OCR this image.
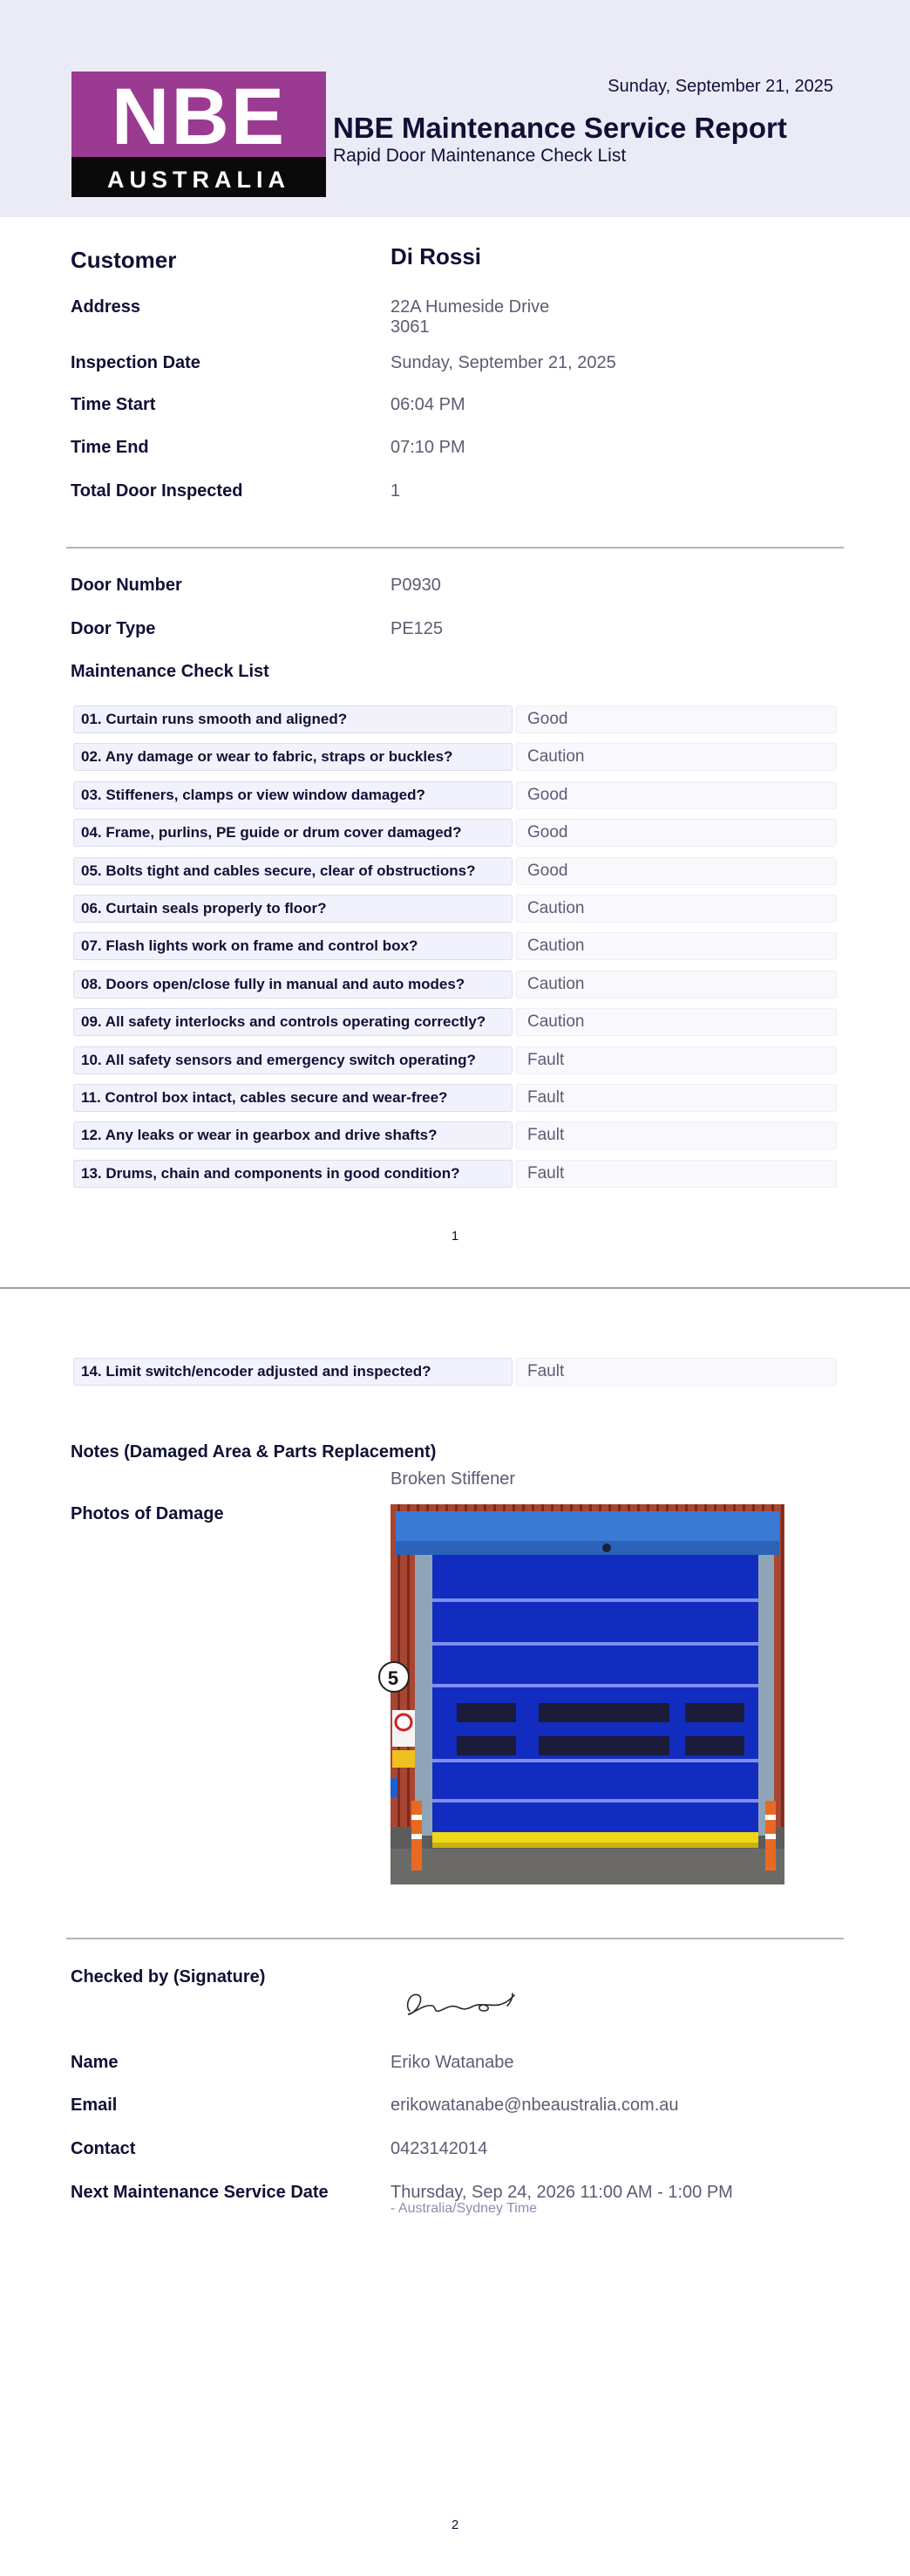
NBE
AUSTRALIA
Sunday, September 21, 2025
NBE Maintenance Service Report
Rapid Door Maintenance Check List
Customer	Di Rossi
Address	22A Humeside Drive
3061
Inspection Date	Sunday, September 21, 2025
Time Start	06:04 PM
Time End	07:10 PM
Total Door Inspected	1
Door Number	P0930
Door Type	PE125
Maintenance Check List
01. Curtain runs smooth and aligned?	Good
02. Any damage or wear to fabric, straps or buckles?	Caution
03. Stiffeners, clamps or view window damaged?	Good
04. Frame, purlins, PE guide or drum cover damaged?	Good
05. Bolts tight and cables secure, clear of obstructions?	Good
06. Curtain seals properly to floor?	Caution
07. Flash lights work on frame and control box?	Caution
08. Doors open/close fully in manual and auto modes?	Caution
09. All safety interlocks and controls operating correctly?	Caution
10. All safety sensors and emergency switch operating?	Fault
11. Control box intact, cables secure and wear-free?	Fault
12. Any leaks or wear in gearbox and drive shafts?	Fault
13. Drums, chain and components in good condition?	Fault
1
14. Limit switch/encoder adjusted and inspected?	Fault
Notes (Damaged Area & Parts Replacement)
Broken Stiffener
Photos of Damage
5
Checked by (Signature)
Name	Eriko Watanabe
Email	erikowatanabe@nbeaustralia.com.au
Contact	0423142014
Next Maintenance Service Date	Thursday, Sep 24, 2026 11:00 AM - 1:00 PM
- Australia/Sydney Time
2
